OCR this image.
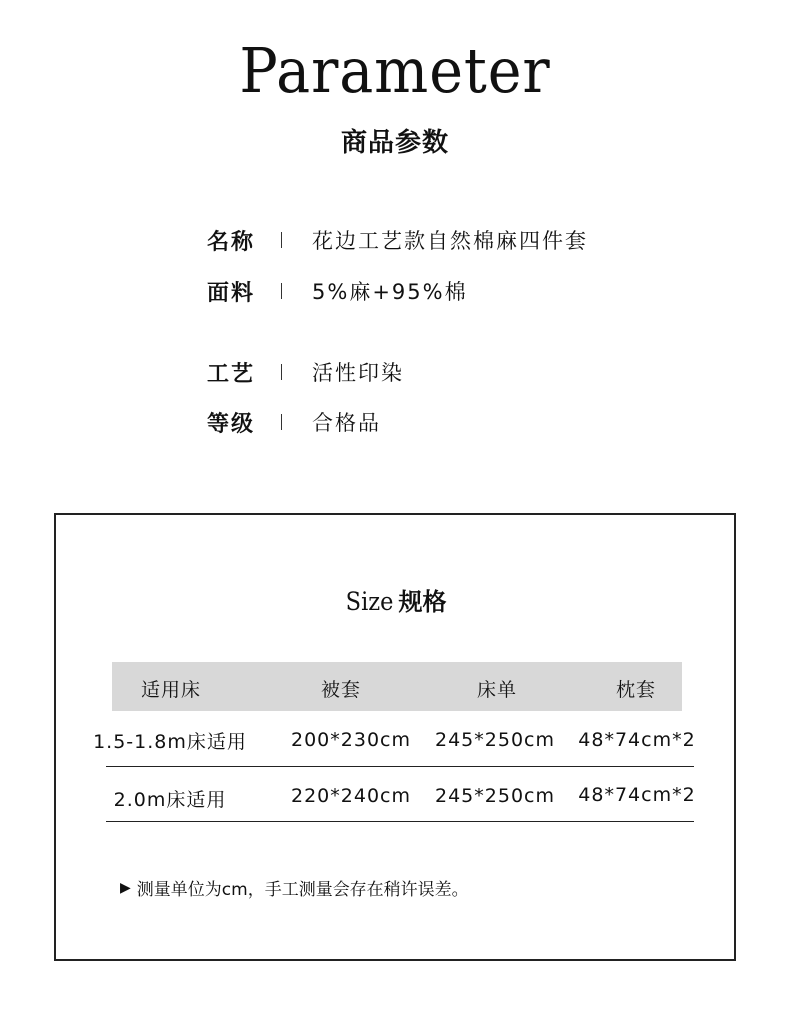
Parameter
商品参数
名称	花边工艺款自然棉麻四件套
面料	5%麻+95%棉
工艺	活性印染
等级	合格品
Size 规格
适用床	被套	床单	枕套
1.5-1.8m床适用	200*230cm	245*250cm	48*74cm*2
2.0m床适用	220*240cm	245*250cm	48*74cm*2
▶ 测量单位为cm，手工测量会存在稍许误差。
